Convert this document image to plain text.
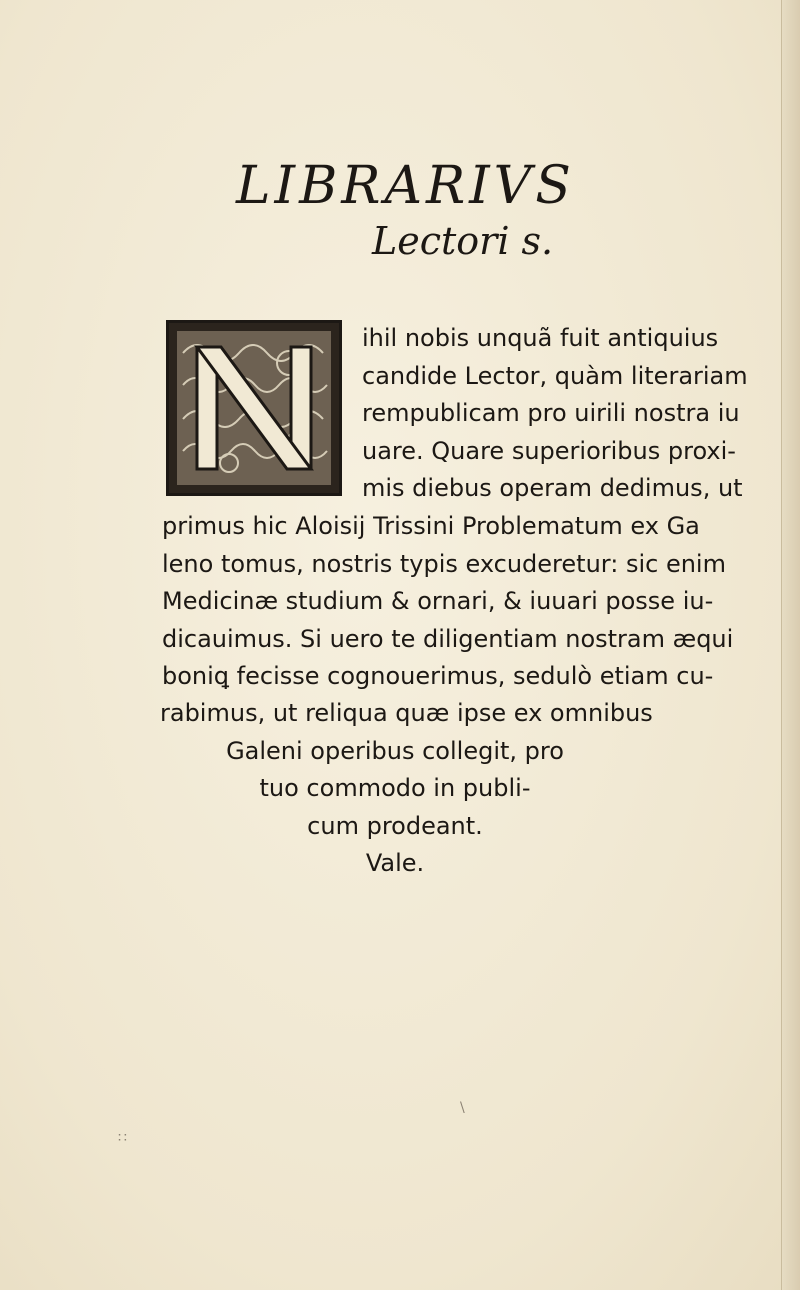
LIBRARIVS
Lectori s.
ihil nobis unquã fuit antiquius
candide Lector, quàm literariam
rempublicam pro uirili nostra iu
uare. Quare superioribus proxi-
mis diebus operam dedimus, ut
primus hic Aloisij Trissini Problematum ex Ga
leno tomus, nostris typis excuderetur: sic enim
Medicinæ studium & ornari, & iuuari posse iu-
dicauimus. Si uero te diligentiam nostram æqui
boniꝗ fecisse cognouerimus, sedulò etiam cu-
rabimus, ut reliqua quæ ipse ex omnibus
Galeni operibus collegit, pro
tuo commodo in publi-
cum prodeant.
Vale.
\
∷
